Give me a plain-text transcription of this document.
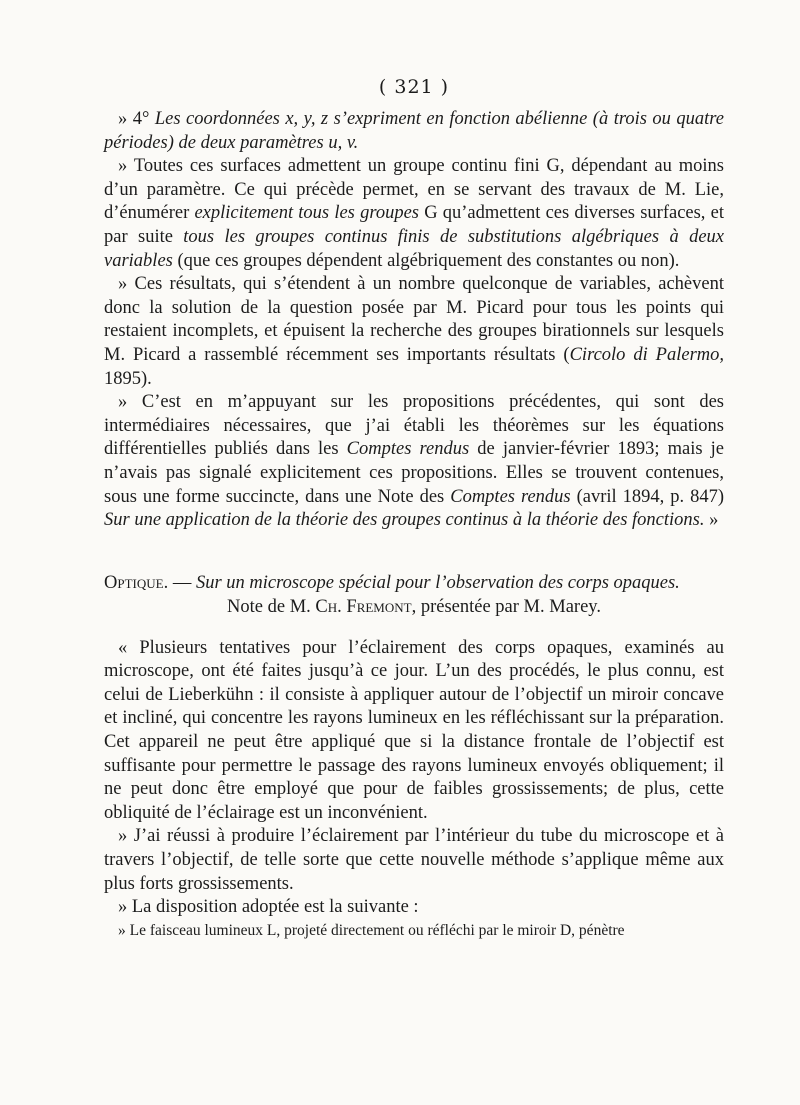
( 321 )

» 4° Les coordonnées x, y, z s’expriment en fonction abélienne (à trois ou quatre périodes) de deux paramètres u, v.

» Toutes ces surfaces admettent un groupe continu fini G, dépendant au moins d’un paramètre. Ce qui précède permet, en se servant des travaux de M. Lie, d’énumérer explicitement tous les groupes G qu’admettent ces diverses surfaces, et par suite tous les groupes continus finis de substitutions algébriques à deux variables (que ces groupes dépendent algébriquement des constantes ou non).

» Ces résultats, qui s’étendent à un nombre quelconque de variables, achèvent donc la solution de la question posée par M. Picard pour tous les points qui restaient incomplets, et épuisent la recherche des groupes birationnels sur lesquels M. Picard a rassemblé récemment ses importants résultats (Circolo di Palermo, 1895).

» C’est en m’appuyant sur les propositions précédentes, qui sont des intermédiaires nécessaires, que j’ai établi les théorèmes sur les équations différentielles publiés dans les Comptes rendus de janvier-février 1893; mais je n’avais pas signalé explicitement ces propositions. Elles se trouvent contenues, sous une forme succincte, dans une Note des Comptes rendus (avril 1894, p. 847) Sur une application de la théorie des groupes continus à la théorie des fonctions. »

Optique. — Sur un microscope spécial pour l’observation des corps opaques.
Note de M. Ch. Fremont, présentée par M. Marey.

« Plusieurs tentatives pour l’éclairement des corps opaques, examinés au microscope, ont été faites jusqu’à ce jour. L’un des procédés, le plus connu, est celui de Lieberkühn : il consiste à appliquer autour de l’objectif un miroir concave et incliné, qui concentre les rayons lumineux en les réfléchissant sur la préparation. Cet appareil ne peut être appliqué que si la distance frontale de l’objectif est suffisante pour permettre le passage des rayons lumineux envoyés obliquement; il ne peut donc être employé que pour de faibles grossissements; de plus, cette obliquité de l’éclairage est un inconvénient.

» J’ai réussi à produire l’éclairement par l’intérieur du tube du microscope et à travers l’objectif, de telle sorte que cette nouvelle méthode s’applique même aux plus forts grossissements.

» La disposition adoptée est la suivante :

» Le faisceau lumineux L, projeté directement ou réfléchi par le miroir D, pénètre
